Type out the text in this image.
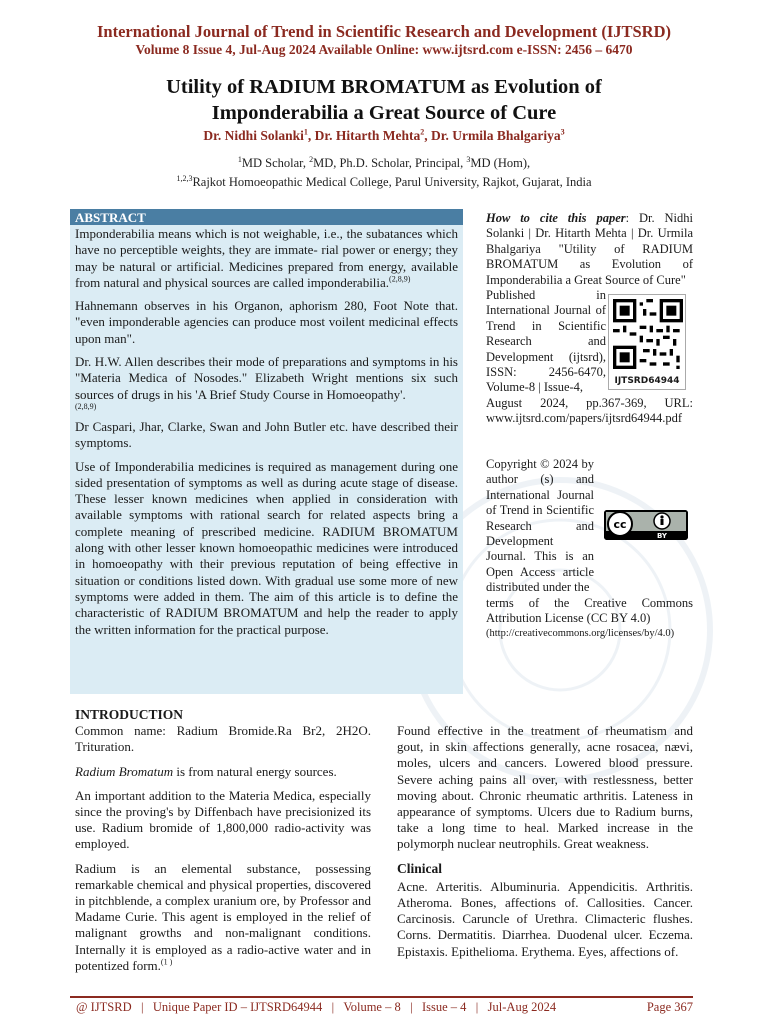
International Journal of Trend in Scientific Research and Development (IJTSRD)
Volume 8 Issue 4, Jul-Aug 2024 Available Online: www.ijtsrd.com e-ISSN: 2456 – 6470
Utility of RADIUM BROMATUM as Evolution of
Imponderabilia a Great Source of Cure
Dr. Nidhi Solanki$^1$, Dr. Hitarth Mehta$^2$, Dr. Urmila Bhalgariya$^3$
$^1$MD Scholar, $^2$MD, Ph.D. Scholar, Principal, $^3$MD (Hom),
$^{1,2,3}$Rajkot Homoeopathic Medical College, Parul University, Rajkot, Gujarat, India
ABSTRACT

Imponderabilia means which is not weighable, i.e., the subatances which have no perceptible weights, they are immate- rial power or energy; they may be natural or artificial. Medicines prepared from energy, available from natural and physical sources are called imponderabilia.$^{(2,8,9)}$

Hahnemann observes in his Organon, aphorism 280, Foot Note that. "even imponderable agencies can produce most voilent medicinal effects upon man".

Dr. H.W. Allen describes their mode of preparations and symptoms in his "Materia Medica of Nosodes." Elizabeth Wright mentions six such sources of drugs in his 'A Brief Study Course in Homoeopathy'.
(2,8,9)

Dr Caspari, Jhar, Clarke, Swan and John Butler etc. have described their symptoms.

Use of Imponderabilia medicines is required as management during one sided presentation of symptoms as well as during acute stage of disease. These lesser known medicines when applied in consideration with available symptoms with rational search for related aspects bring a complete meaning of prescribed medicine. RADIUM BROMATUM along with other lesser known homoeopathic medicines were introduced in homoeopathy with their previous reputation of being effective in situation or conditions listed down. With gradual use some more of new symptoms were added in them. The aim of this article is to define the characteristic of RADIUM BROMATUM and help the reader to apply the written information for the practical purpose.

How to cite this paper: Dr. Nidhi Solanki | Dr. Hitarth Mehta | Dr. Urmila Bhalgariya "Utility of RADIUM BROMATUM as Evolution of Imponderabilia a Great Source of Cure"
Published in International Journal of Trend in Scientific Research and Development (ijtsrd), ISSN: 2456-6470, Volume-8 | Issue-4,
August 2024, pp.367-369, URL: www.ijtsrd.com/papers/ijtsrd64944.pdf
IJTSRD64944
Copyright © 2024 by author (s) and International Journal of Trend in Scientific Research and Development Journal. This is an Open Access article distributed under the
terms of the Creative Commons Attribution License (CC BY 4.0)
(http://creativecommons.org/licenses/by/4.0)
cc
BY
INTRODUCTION

Common name: Radium Bromide.Ra Br2, 2H2O. Trituration.

Radium Bromatum is from natural energy sources.

An important addition to the Materia Medica, especially since the proving's by Diffenbach have precisionized its use. Radium bromide of 1,800,000 radio-activity was employed.

Radium is an elemental substance, possessing remarkable chemical and physical properties, discovered in pitchblende, a complex uranium ore, by Professor and Madame Curie. This agent is employed in the relief of malignant growths and non-malignant conditions. Internally it is employed as a radio-active water and in potentized form.$^{(1 )}$

Found effective in the treatment of rheumatism and gout, in skin affections generally, acne rosacea, nævi, moles, ulcers and cancers. Lowered blood pressure. Severe aching pains all over, with restlessness, better moving about. Chronic rheumatic arthritis. Lateness in appearance of symptoms. Ulcers due to Radium burns, take a long time to heal. Marked increase in the polymorph nuclear neutrophils. Great weakness.

Clinical

Acne. Arteritis. Albuminuria. Appendicitis. Arthritis. Atheroma. Bones, affections of. Callosities. Cancer. Carcinosis. Caruncle of Urethra. Climacteric flushes. Corns. Dermatitis. Diarrhea. Duodenal ulcer. Eczema. Epistaxis. Epithelioma. Erythema. Eyes, affections of.

@ IJTSRD   |   Unique Paper ID – IJTSRD64944   |   Volume – 8   |   Issue – 4   |   Jul-Aug 2024	Page 367
